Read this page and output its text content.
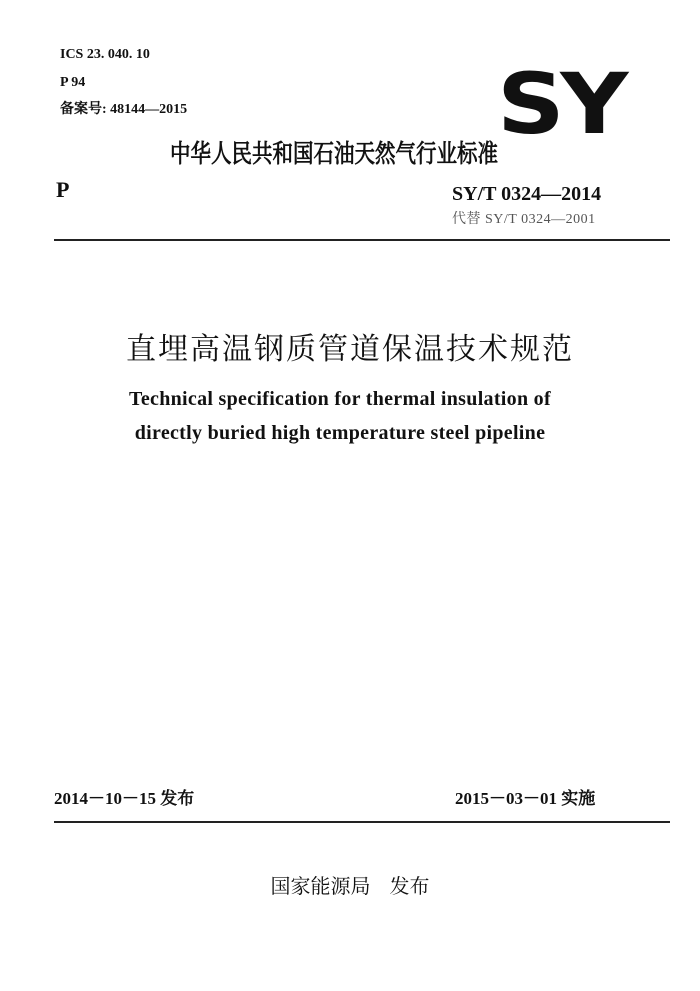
ICS 23. 040. 10
P 94
备案号: 48144—2015	SY
中华人民共和国石油天然气行业标准
P	SY/T 0324—2014
代替 SY/T 0324—2001
直埋高温钢质管道保温技术规范
Technical specification for thermal insulation of
directly buried high temperature steel pipeline
2014－10－15 发布	2015－03－01 实施
国家能源局   发布
